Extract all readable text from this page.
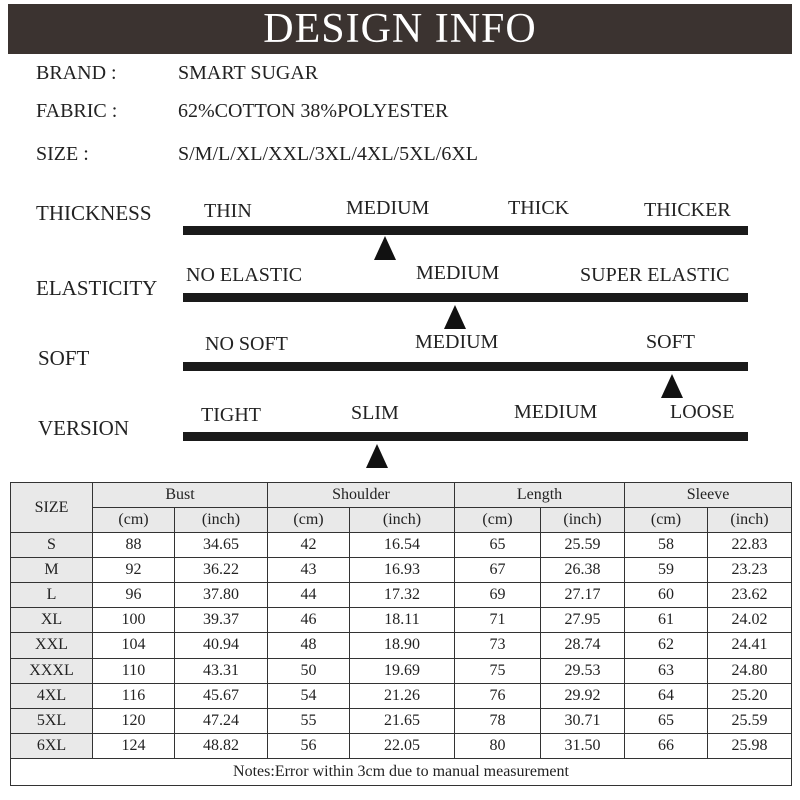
DESIGN INFO
BRAND :	SMART SUGAR
FABRIC :	62%COTTON 38%POLYESTER
SIZE :	S/M/L/XL/XXL/3XL/4XL/5XL/6XL
THICKNESS	THIN	MEDIUM	THICK	THICKER
ELASTICITY
NO ELASTIC	MEDIUM	SUPER ELASTIC
SOFT
NO SOFT	MEDIUM	SOFT
VERSION
TIGHT	SLIM	MEDIUM	LOOSE
SIZE	Bust		Shoulder		Length		Sleeve	
	(cm)	(inch)	(cm)	(inch)	(cm)	(inch)	(cm)	(inch)
S	88	34.65	42	16.54	65	25.59	58	22.83
M	92	36.22	43	16.93	67	26.38	59	23.23
L	96	37.80	44	17.32	69	27.17	60	23.62
XL	100	39.37	46	18.11	71	27.95	61	24.02
XXL	104	40.94	48	18.90	73	28.74	62	24.41
XXXL	110	43.31	50	19.69	75	29.53	63	24.80
4XL	116	45.67	54	21.26	76	29.92	64	25.20
5XL	120	47.24	55	21.65	78	30.71	65	25.59
6XL	124	48.82	56	22.05	80	31.50	66	25.98
Notes:Error within 3cm due to manual measurement								
